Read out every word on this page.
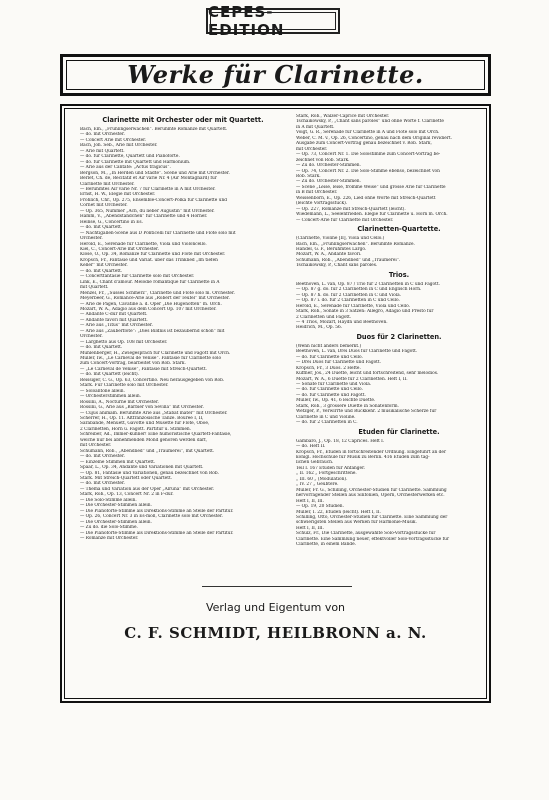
CEPES-EDITION
Werke für Clarinette.
Clarinette mit Orchester oder mit Quartett.
Bach, Em., „Frühlingserwachen“. Berühmte Romanze mit Quartett.
— do. mit Orchester.
— Concert Arie mit Orchester.
Bach, Joh. Seb., Arie mit Orchester.
— Arie mit Quartett.
— do. für Clarinette, Quartett und Pianoforte.
— do. für Clarinette mit Quartett und Harmonium.
— Arie aus der Cantate: „Actus tragicus“.
Bergson, M., „In Herden und Städte“. Scene und Arie mit Orchester.
Berlet, Ch. de, Récitatif et Air varié Nr. 4 (Air Montagnard) für
Clarinette mit Orchester.
— Berühmtes Air varié Nr. 7 für Clarinette in A mit Orchester.
Ernst, H. W., Elegie mit Orchester.
Fröhlich, Chr., Op. 275, Ensemble-Concert-Polka für Clarinette und
Cornet mit Orchester.
— Op. 365, Nummer „Ach, du lieber Augustin“ mit Orchester.
Hamm, V., „Abendständchen“ für Clarinette und 4 Hörner.
Heinse, G., Concertino in Es.
— do. mit Quartett.
— Nachtigallen-Scene aus D Ponticelli für Clarinette und Flöte solo mit
Orchester.
Herold, E., Serenade für Clarinette, Viola und Violoncello.
Kiel, C., Concert-Arie mit Orchester.
Klose, O., Op. 34, Romanze für Clarinette und Flöte mit Orchester.
Kröpsch, Fr., Fantasie und Variat. über das Trinklied „Im tiefen
Keller“ mit Orchester.
— do. mit Quartett.
— Concertfantasie für Clarinette solo mit Orchester.
Link, E., Chant d'amour. Melodie romantique für Clarinette in A
mit Quartett.
Menzel, Fr., „Süsses Schmerz“, Clarinette und Flöte solo m. Orchester.
Meyerbeer, G., Romance-Arie aus „Robert der Teufel“ mit Orchester.
— Arie de Pagen, Cavatine a. d. Oper „Die Hugenotten“ m. Orch.
Mozart, W. A., Adagio aus dem Concert Op. 107 mit Orchester.
— Andante C-dur mit Quartett.
— Andante favori mit Quartett.
— Arie aus „Titus“ mit Orchester.
— Arie aus „Zauberflöte“: „Dies Bildnis ist bezaubernd schön“ mit
Orchester.
— Larghetto aus Op. 108 mit Orchester.
— do. mit Quartett.
Mühlenberger, H., Zwiegespräch für Clarinette und Fagott mit Orch.
Müller, Iw., „Le Carneval de Venise“. Fantasie für Clarinette solo
zum Concert-Vortrag, bearbeitet von Rob. Stark.
— „Le Carneval de Venise“, Fantasie mit Streich-Quartett.
— do. mit Quartett (leicht).
Reissiger, C. G., Op. 63, Concertino. Neu herausgegeben von Rob.
Stark. Für Clarinette solo mit Orchester.
— Soloantone allein.
— Orchesterstimmen allein.
Rossini, A., Nocturne mit Orchester.
Rossini, G., Arie aus „Barbier von Sevilla“ mit Orchester.
— Cujus animam. Berühmte Arie aus „Stabat mater“ mit Orchester.
Scherrer, H., Op. 11. Altfranzösische Tänze. Bourée I, II,
Sarabande, Menuett, Gavotte und Musette für Flöte, Oboe,
2 Clarinetten, Horn u. Fagott. Partitur u. Stimmen.
Schreiber, Ad., Immer-kühner! Eine humoristische Quartett-Fantasie,
welche nur bei abnehmenden Mond gehören werden darf,
mit Orchester.
Schumann, Rob., „Abendlied“ und „Träumerei“, mit Quartett.
— do. mit Orchester.
— Einzelne Stimmen mit Quartett.
Spaar, L., Op. 34, Andante und Variationen mit Quartett.
— Op. 81, Fantasie und Variationen, genau bezeichnet von Rob.
Stark. Mit Streich-Quartett oder Quartett.
— do. mit Orchester.
— Thema und Variation aus der Oper „Alruna“ mit Orchester.
Stark, Rob., Op. 13, Concert Nr. 2 in F-dur.
— Die Solo-Stimme allein.
— Die Orchester-Stimmen allein.
— Die Pianoforte-Stimme als Direktions-Stimme an Stelle der Partitur.
— Op. 26, Concert Nr. 3 in Es-moll, Clarinette solo mit Orchester.
— Die Orchester-Stimmen allein.
— Zu do. die Solo-Stimme.
— Die Pianoforte-Stimme als Direktions-Stimme an Stelle der Partitur.
— Romanze mit Orchester.
Stark, Rob., Walzer-Caprice mit Orchester.
Tschaikowsky, P., „Chant sans paroles“ und ohne Worte f. Clarinette
in A mit Quartett.
Voigt, G. R., Serenade für Clarinette in A und Flöte solo mit Orch.
Weber, C. M. v., Op. 26, Concertino, genau nach dem Original revidiert.
Ausgabe zum Concert-Vortrag genau bezeichnet v. Rob. Stark,
mit Orchester.
— Op. 73, Concert Nr. 1. Die Solostimme zum Concert-Vortrag be-
zeichnet von Rob. Stark.
— Zu do. Orchester-Stimmen.
— Op. 74, Concert Nr. 2. Die Solo-Stimme ebenso, bezeichnet von
Rob. Stark.
— Zu do. Orchester-Stimmen.
— Scene „Leise, leise, fromme Weise“ und grosse Arie für Clarinette
in B mit Orchester.
Weissenborn, E., Op. 226, Lied ohne Worte mit Streich-Quartett
(leichte Vortragsstück).
— Op. 227, Romanze mit Streich-Quartett (leicht).
Wiedemann, L., Seelenfrieden. Elegie für Clarinette u. Horn m. Orch.
— Concert-Arie für Clarinette mit Orchester.
Clarinetten-Quartette.
(Clarinette, Violine [II], Viola und Cello.)
Bach, Em., „Frühlingserwachen“. Berühmte Romanze.
Händel, G. F., Berühmtes Largo.
Mozart, W. A., Andante favori.
Schumann, Rob., „Abendlied“ und „Träumerei“.
Tschaikowsky, P., Chant sans paroles.
Trios.
Beethoven, L. van, Op. 87 / Trio für 2 Clarinetten in C und Fagott.
— Op. 87 g. do. für 2 Clarinetten in C und Englisch Horn.
— Op. 87 h. do. für 2 Clarinetten in C und Viola.
— Op. 87 i. do. für 2 Clarinetten in C und Cello.
Herold, E., Serenade für Clarinette, Viola und Cello.
Stark, Rob., Sonate in 3 Sätzen: Allegro, Adagio und Presto für
2 Clarinetten und Fagott.
— 4 Trios, Mozart, Haydn und Beethoven.
Heidrich, M., Op. 56.
Duos für 2 Clarinetten.
(Wenn nicht anders bemerkt.)
Beethoven, L. van, Drei Duos für Clarinette und Fagott.
— do. für Clarinette und Cello.
— Drei Duos für Clarinette und Fagott.
Kröpsch, Fr., 3 Duos. 2 Hefte.
Küffner, Jos., 24 Duette, leicht und fortschreitend, sehr melodiös.
Mozart, W. A., 6 Duette für 2 Clarinetten. Heft I, II.
— Sonate für Clarinette und Viola.
— do. für Clarinette und Cello.
— do. für Clarinette und Fagott.
Müller, Iw., Op. 41, 6 leichte Duette.
Stark, Rob., 3 grössere Duette in Sonatenform.
Wetzger, P., Verwirrte und Rückkehr. 2 musikalische Scherze für
Clarinette in C und Violine.
— do. für 2 Clarinetten in C.
Etuden für Clarinette.
Gambaro, J., Op. 18, 12 Caprices. Heft I.
— do. Heft II.
Kröpsch, Fr., Etuden in fortschreitender Ordnung. Eingeführt an der
königl. Hochschule für Musik zu Berlin. 416 Etuden zum täg-
lichen Gebrauch.
Teil I. 167 Etuden für Anfänger.
„ II. 162 „ Fortgeschrittene.
„ III. 60 „ (Modulation).
„ IV. 27 „ Geübtere.
Müller, Fr. G., Schilling, Orchester-Studien für Clarinette. Sammlung
hervorragender Stellen aus Sinfonien, Opern, Orchesterwerken etc.
Heft I, II, III.
— Op. 19, 20 Studien.
Müller, I. 22, Etuden (leicht). Heft I, II.
Schilling, Otto, Orchester-Studien für Clarinette. Eine Sammlung der
schwierigsten Stellen aus Werken für Harmonie-Musik.
Heft I, II, III.
Schulz, Fr., Die Clarinette, ausgewählte Solo-Vortragsstücke für
Clarinette. Eine Sammlung neuer, effektvoller Solo-Vortragsstücke für
Clarinette, in einem Bande.
Verlag und Eigentum von
C. F. SCHMIDT, HEILBRONN a. N.
